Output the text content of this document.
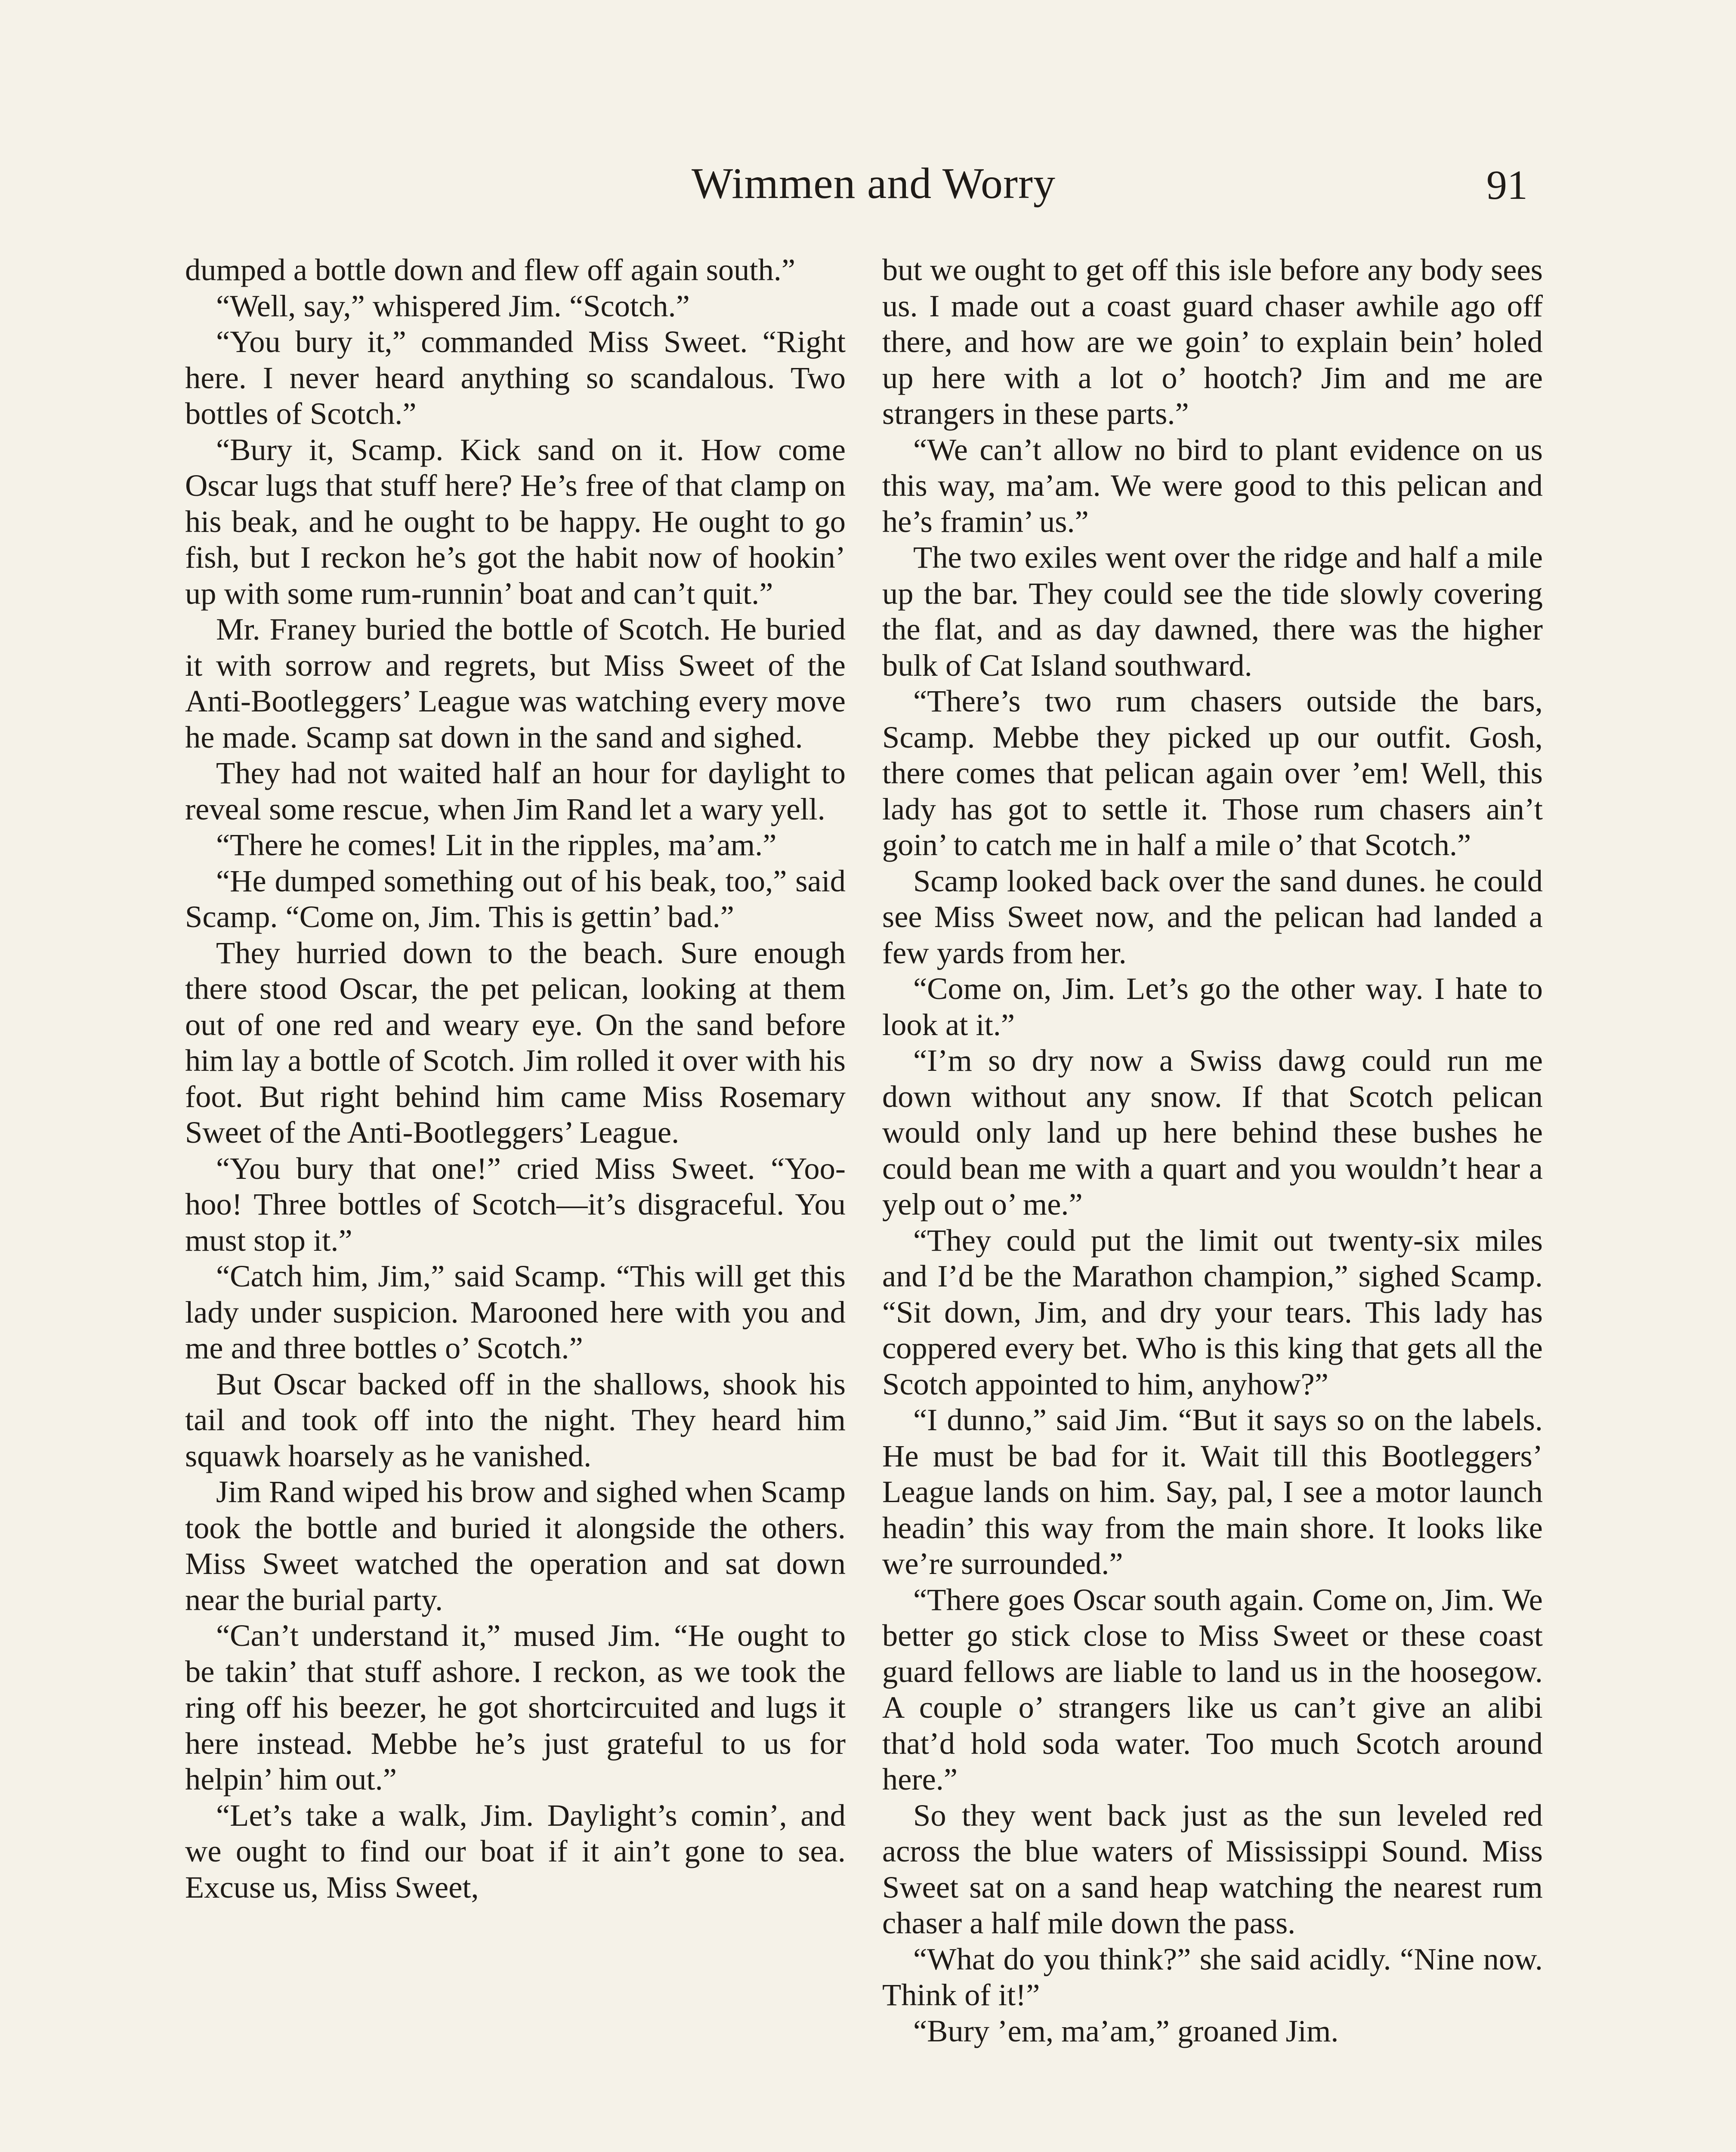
Wimmen and Worry	91

dumped a bottle down and flew off again south.”

“Well, say,” whispered Jim. “Scotch.”

“You bury it,” commanded Miss Sweet. “Right here. I never heard anything so scandalous. Two bottles of Scotch.”

“Bury it, Scamp. Kick sand on it. How come Oscar lugs that stuff here? He’s free of that clamp on his beak, and he ought to be happy. He ought to go fish, but I reckon he’s got the habit now of hookin’ up with some rum-runnin’ boat and can’t quit.”

Mr. Franey buried the bottle of Scotch. He buried it with sorrow and regrets, but Miss Sweet of the Anti-Bootleggers’ League was watching every move he made. Scamp sat down in the sand and sighed.

They had not waited half an hour for daylight to reveal some rescue, when Jim Rand let a wary yell.

“There he comes! Lit in the ripples, ma’am.”

“He dumped something out of his beak, too,” said Scamp. “Come on, Jim. This is gettin’ bad.”

They hurried down to the beach. Sure enough there stood Oscar, the pet pelican, looking at them out of one red and weary eye. On the sand before him lay a bottle of Scotch. Jim rolled it over with his foot. But right behind him came Miss Rosemary Sweet of the Anti-Bootleggers’ League.

“You bury that one!” cried Miss Sweet. “Yoo-hoo! Three bottles of Scotch—it’s disgraceful. You must stop it.”

“Catch him, Jim,” said Scamp. “This will get this lady under suspicion. Marooned here with you and me and three bottles o’ Scotch.”

But Oscar backed off in the shallows, shook his tail and took off into the night. They heard him squawk hoarsely as he vanished.

Jim Rand wiped his brow and sighed when Scamp took the bottle and buried it alongside the others. Miss Sweet watched the operation and sat down near the burial party.

“Can’t understand it,” mused Jim. “He ought to be takin’ that stuff ashore. I reckon, as we took the ring off his beezer, he got shortcircuited and lugs it here instead. Mebbe he’s just grateful to us for helpin’ him out.”

“Let’s take a walk, Jim. Daylight’s comin’, and we ought to find our boat if it ain’t gone to sea. Excuse us, Miss Sweet,

but we ought to get off this isle before any body sees us. I made out a coast guard chaser awhile ago off there, and how are we goin’ to explain bein’ holed up here with a lot o’ hootch? Jim and me are strangers in these parts.”

“We can’t allow no bird to plant evidence on us this way, ma’am. We were good to this pelican and he’s framin’ us.”

The two exiles went over the ridge and half a mile up the bar. They could see the tide slowly covering the flat, and as day dawned, there was the higher bulk of Cat Island southward.

“There’s two rum chasers outside the bars, Scamp. Mebbe they picked up our outfit. Gosh, there comes that pelican again over ’em! Well, this lady has got to settle it. Those rum chasers ain’t goin’ to catch me in half a mile o’ that Scotch.”

Scamp looked back over the sand dunes. he could see Miss Sweet now, and the pelican had landed a few yards from her.

“Come on, Jim. Let’s go the other way. I hate to look at it.”

“I’m so dry now a Swiss dawg could run me down without any snow. If that Scotch pelican would only land up here behind these bushes he could bean me with a quart and you wouldn’t hear a yelp out o’ me.”

“They could put the limit out twenty-six miles and I’d be the Marathon champion,” sighed Scamp. “Sit down, Jim, and dry your tears. This lady has coppered every bet. Who is this king that gets all the Scotch appointed to him, anyhow?”

“I dunno,” said Jim. “But it says so on the labels. He must be bad for it. Wait till this Bootleggers’ League lands on him. Say, pal, I see a motor launch headin’ this way from the main shore. It looks like we’re surrounded.”

“There goes Oscar south again. Come on, Jim. We better go stick close to Miss Sweet or these coast guard fellows are liable to land us in the hoosegow. A couple o’ strangers like us can’t give an alibi that’d hold soda water. Too much Scotch around here.”

So they went back just as the sun leveled red across the blue waters of Mississippi Sound. Miss Sweet sat on a sand heap watching the nearest rum chaser a half mile down the pass.

“What do you think?” she said acidly. “Nine now. Think of it!”

“Bury ’em, ma’am,” groaned Jim.
